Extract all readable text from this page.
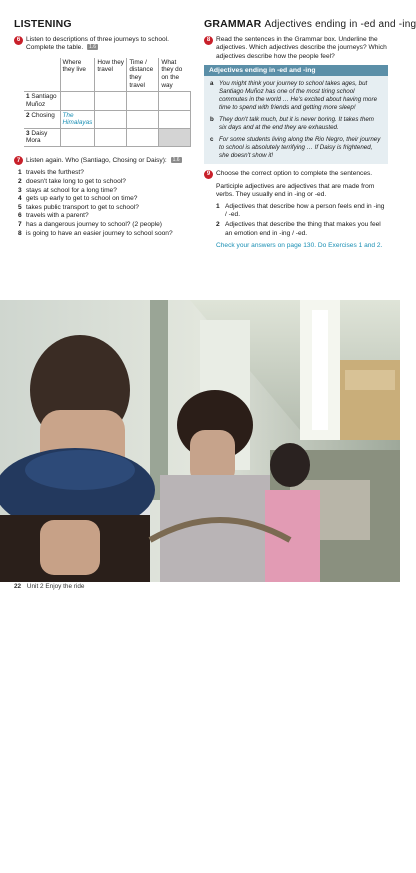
LISTENING
6 Listen to descriptions of three journeys to school. Complete the table. 1.6
	Where they live	How they travel	Time / distance they travel	What they do on the way
1 Santiago Muñoz				
2 Chosing	The Himalayas			
3 Daisy Mora				
7 Listen again. Who (Santiago, Chosing or Daisy): 1.6
1 travels the furthest?
2 doesn't take long to get to school?
3 stays at school for a long time?
4 gets up early to get to school on time?
5 takes public transport to get to school?
6 travels with a parent?
7 has a dangerous journey to school? (2 people)
8 is going to have an easier journey to school soon?
GRAMMAR Adjectives ending in -ed and -ing
8 Read the sentences in the Grammar box. Underline the adjectives. Which adjectives describe the journeys? Which adjectives describe how the people feel?
Adjectives ending in -ed and -ing
a You might think your journey to school takes ages, but Santiago Muñoz has one of the most tiring school commutes in the world … He's excited about having more time to spend with friends and getting more sleep!
b They don't talk much, but it is never boring. It takes them six days and at the end they are exhausted.
c For some students living along the Rio Negro, their journey to school is absolutely terrifying … If Daisy is frightened, she doesn't show it!
9 Choose the correct option to complete the sentences.
Participle adjectives are adjectives that are made from verbs. They usually end in -ing or -ed.
1 Adjectives that describe how a person feels end in -ing / -ed.
2 Adjectives that describe the thing that makes you feel an emotion end in -ing / -ed.
Check your answers on page 130. Do Exercises 1 and 2.
Students on the train in Kyoto, Japan.
22 Unit 2 Enjoy the ride
